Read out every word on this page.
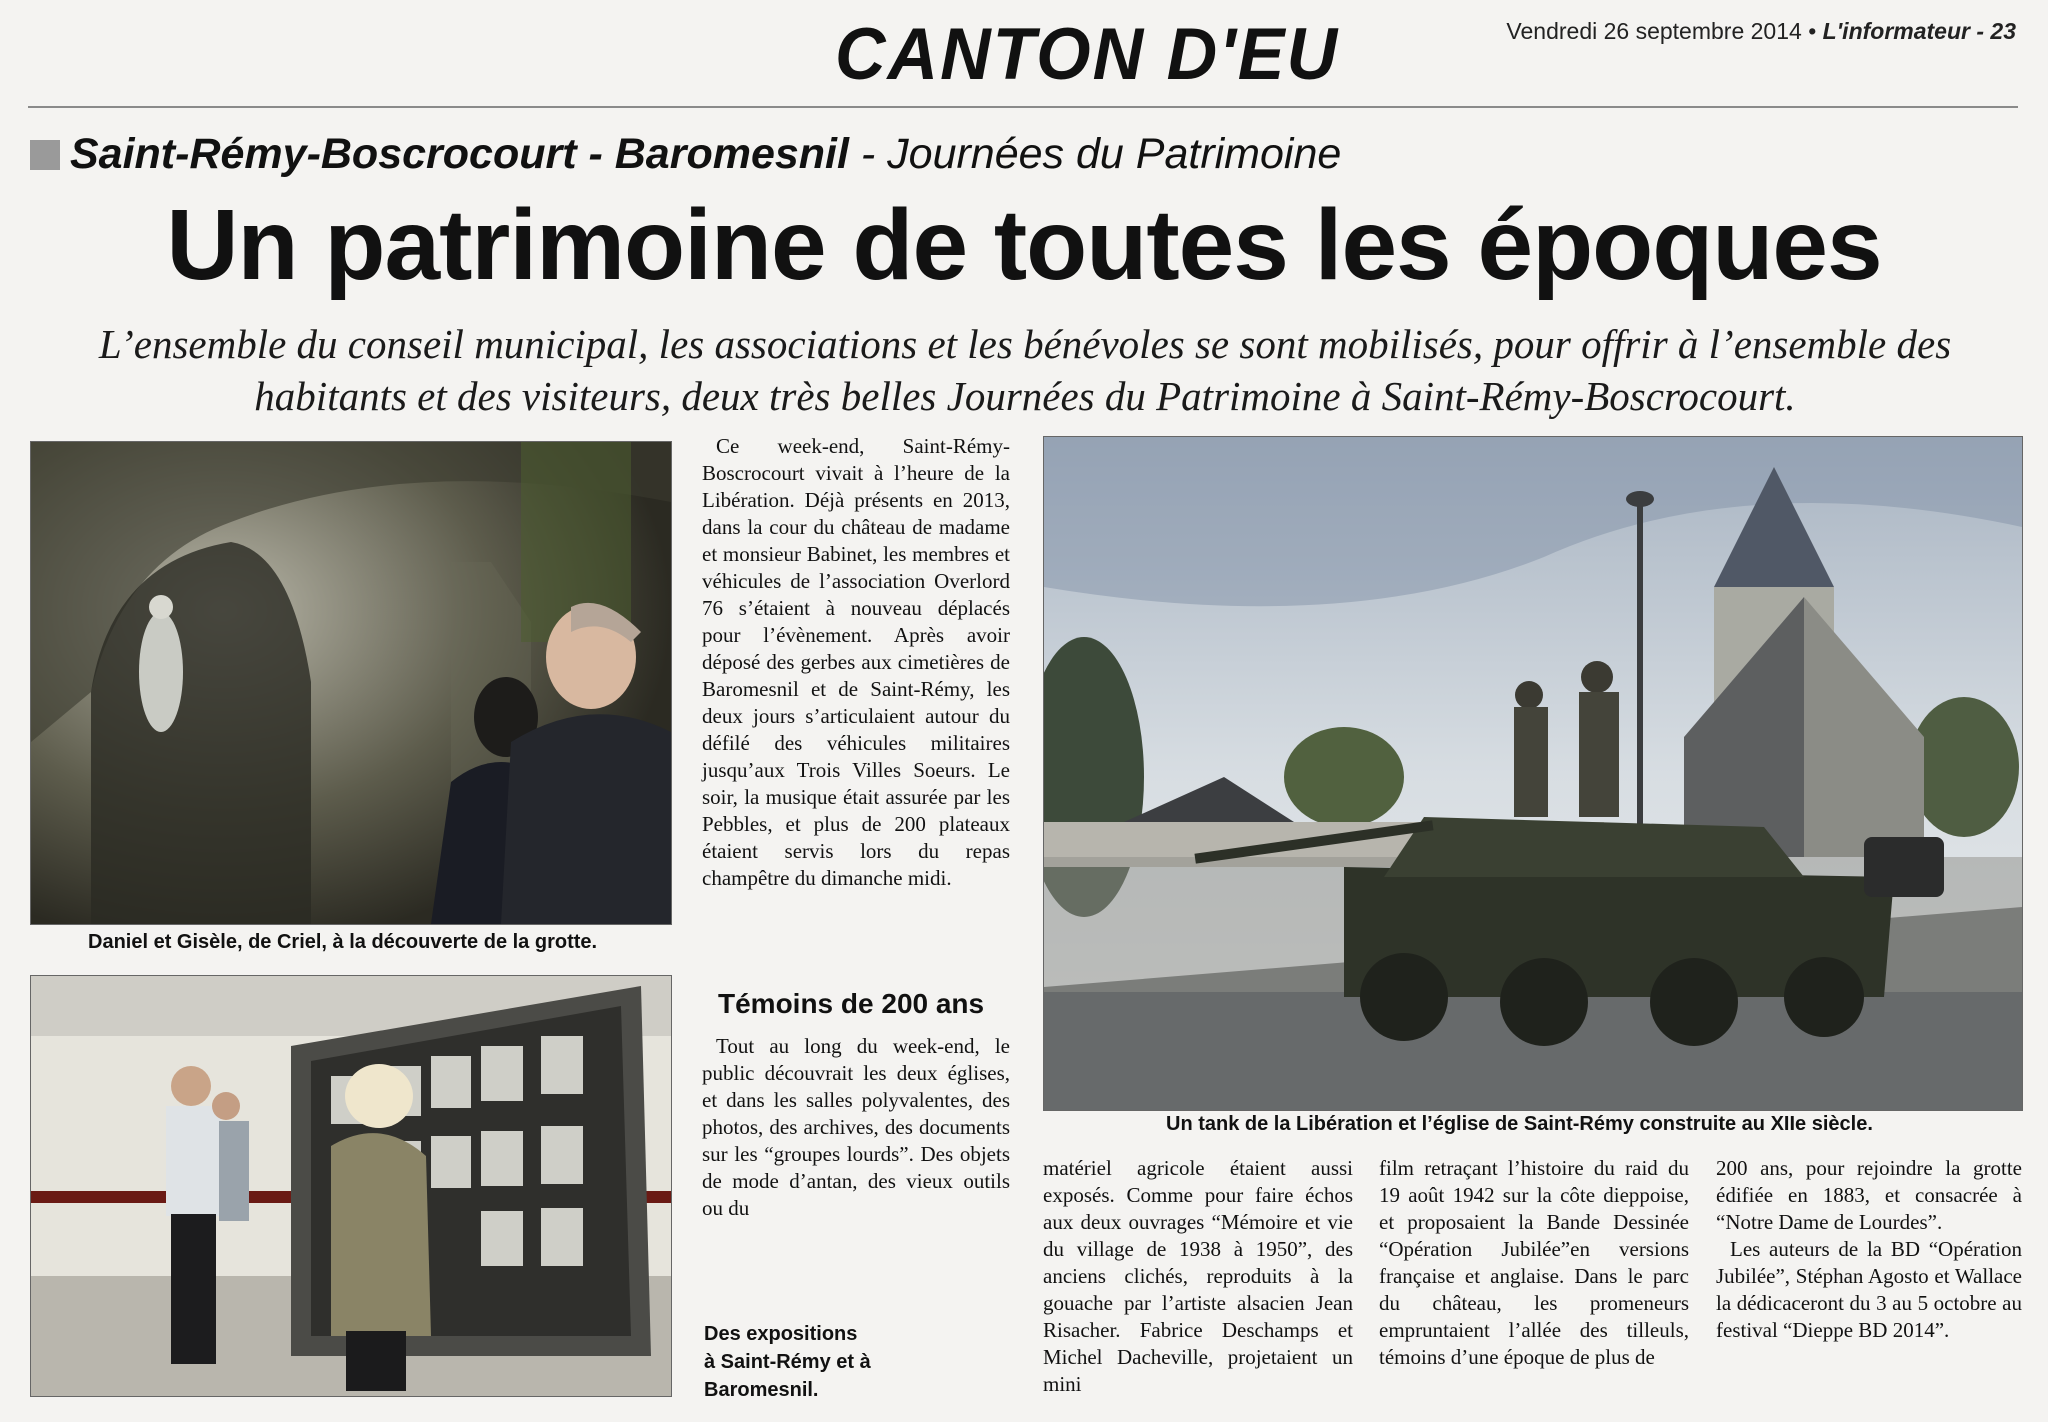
CANTON D'EU	Vendredi 26 septembre 2014 • L'informateur - 23
Saint-Rémy-Boscrocourt - Baromesnil - Journées du Patrimoine
Un patrimoine de toutes les époques
L’ensemble du conseil municipal, les associations et les bénévoles se sont mobilisés, pour offrir à l’ensemble des habitants et des visiteurs, deux très belles Journées du Patrimoine à Saint-Rémy-Boscrocourt.
Daniel et Gisèle, de Criel, à la découverte de la grotte.
Des expositions à Saint-Rémy et à Baromesnil.

Ce week-end, Saint-Rémy-Boscrocourt vivait à l’heure de la Libération. Déjà présents en 2013, dans la cour du château de madame et monsieur Babinet, les membres et véhicules de l’association Overlord 76 s’étaient à nouveau déplacés pour l’évènement. Après avoir déposé des gerbes aux cimetières de Baromesnil et de Saint-Rémy, les deux jours s’articulaient autour du défilé des véhicules militaires jusqu’aux Trois Villes Soeurs. Le soir, la musique était assurée par les Pebbles, et plus de 200 plateaux étaient servis lors du repas champêtre du dimanche midi.

Témoins de 200 ans

Tout au long du week-end, le public découvrait les deux églises, et dans les salles polyvalentes, des photos, des archives, des documents sur les “groupes lourds”. Des objets de mode d’antan, des vieux outils ou du

Un tank de la Libération et l’église de Saint-Rémy construite au XIIe siècle.

matériel agricole étaient aussi exposés. Comme pour faire échos aux deux ouvrages “Mémoire et vie du village de 1938 à 1950”, des anciens clichés, reproduits à la gouache par l’artiste alsacien Jean Risacher. Fabrice Deschamps et Michel Dacheville, projetaient un mini

film retraçant l’histoire du raid du 19 août 1942 sur la côte dieppoise, et proposaient la Bande Dessinée “Opération Jubilée”en versions française et anglaise. Dans le parc du château, les promeneurs empruntaient l’allée des tilleuls, témoins d’une époque de plus de

200 ans, pour rejoindre la grotte édifiée en 1883, et consacrée à “Notre Dame de Lourdes”.

Les auteurs de la BD “Opération Jubilée”, Stéphan Agosto et Wallace la dédicaceront du 3 au 5 octobre au festival “Dieppe BD 2014”.
